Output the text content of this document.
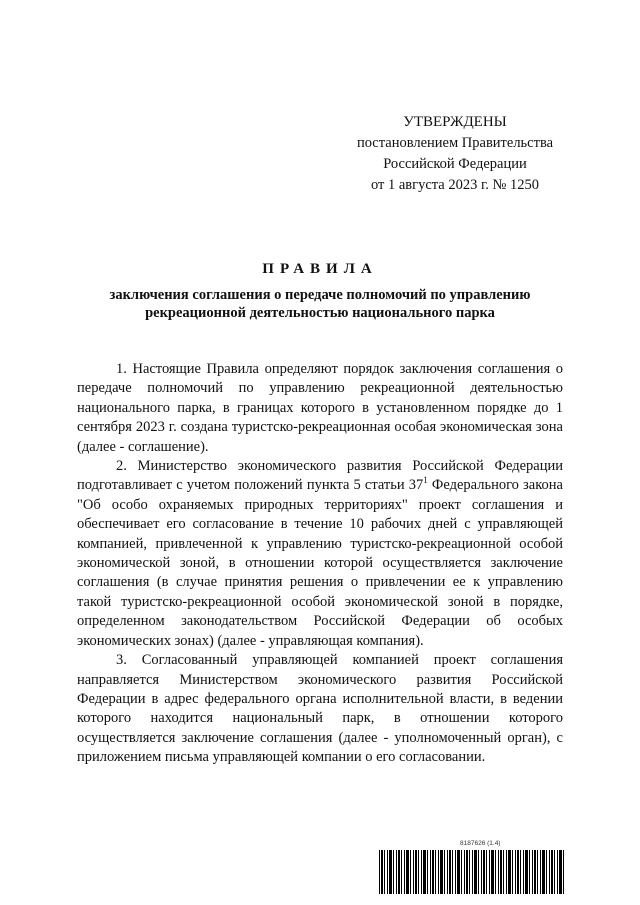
УТВЕРЖДЕНЫ
постановлением Правительства
Российской Федерации
от 1 августа 2023 г. № 1250
ПРАВИЛА
заключения соглашения о передаче полномочий по управлению
рекреационной деятельностью национального парка

1. Настоящие Правила определяют порядок заключения соглашения о передаче полномочий по управлению рекреационной деятельностью национального парка, в границах которого в установленном порядке до 1 сентября 2023 г. создана туристско-рекреационная особая экономическая зона (далее - соглашение).

2. Министерство экономического развития Российской Федерации подготавливает с учетом положений пункта 5 статьи $37^1$ Федерального закона "Об особо охраняемых природных территориях" проект соглашения и обеспечивает его согласование в течение 10 рабочих дней с управляющей компанией, привлеченной к управлению туристско-рекреационной особой экономической зоной, в отношении которой осуществляется заключение соглашения (в случае принятия решения о привлечении ее к управлению такой туристско-рекреационной особой экономической зоной в порядке, определенном законодательством Российской Федерации об особых экономических зонах) (далее - управляющая компания).

3. Согласованный управляющей компанией проект соглашения направляется Министерством экономического развития Российской Федерации в адрес федерального органа исполнительной власти, в ведении которого находится национальный парк, в отношении которого осуществляется заключение соглашения (далее - уполномоченный орган), с приложением письма управляющей компании о его согласовании.

8187626 (1.4)
